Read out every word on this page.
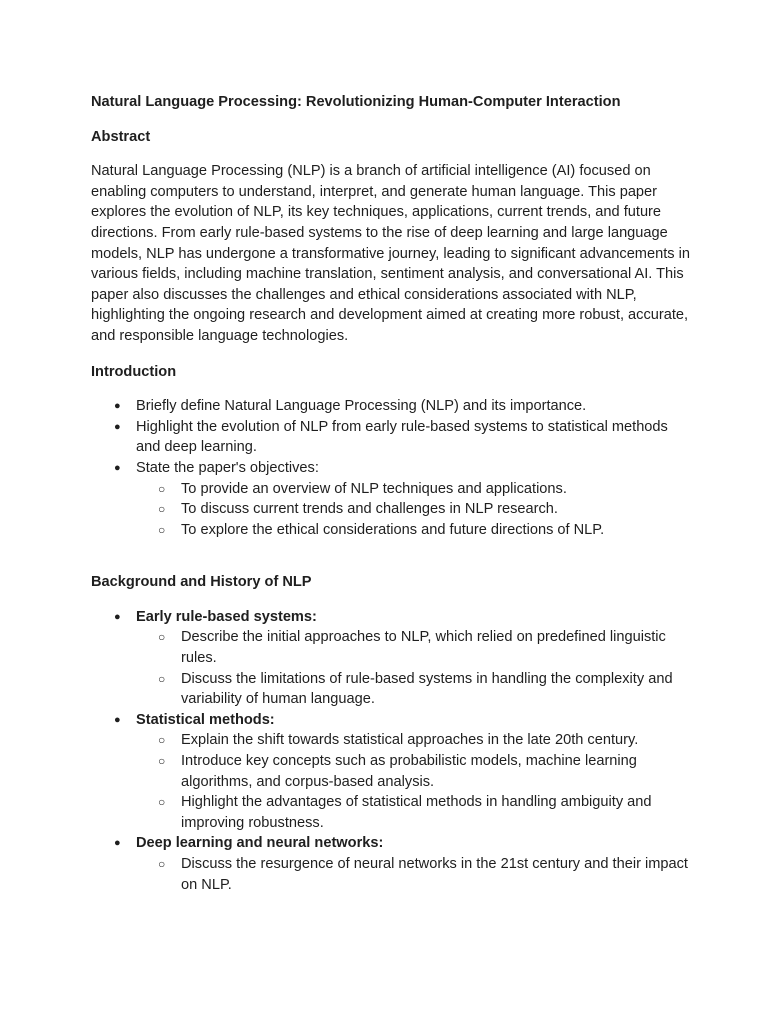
Natural Language Processing: Revolutionizing Human-Computer Interaction
Abstract

Natural Language Processing (NLP) is a branch of artificial intelligence (AI) focused on enabling computers to understand, interpret, and generate human language. This paper explores the evolution of NLP, its key techniques, applications, current trends, and future directions. From early rule-based systems to the rise of deep learning and large language models, NLP has undergone a transformative journey, leading to significant advancements in various fields, including machine translation, sentiment analysis, and conversational AI. This paper also discusses the challenges and ethical considerations associated with NLP, highlighting the ongoing research and development aimed at creating more robust, accurate, and responsible language technologies.

Introduction
● Briefly define Natural Language Processing (NLP) and its importance.
● Highlight the evolution of NLP from early rule-based systems to statistical methods and deep learning.
● State the paper's objectives:
○ To provide an overview of NLP techniques and applications.
○ To discuss current trends and challenges in NLP research.
○ To explore the ethical considerations and future directions of NLP.
Background and History of NLP
● Early rule-based systems:
○ Describe the initial approaches to NLP, which relied on predefined linguistic rules.
○ Discuss the limitations of rule-based systems in handling the complexity and variability of human language.
● Statistical methods:
○ Explain the shift towards statistical approaches in the late 20th century.
○ Introduce key concepts such as probabilistic models, machine learning algorithms, and corpus-based analysis.
○ Highlight the advantages of statistical methods in handling ambiguity and improving robustness.
● Deep learning and neural networks:
○ Discuss the resurgence of neural networks in the 21st century and their impact on NLP.
